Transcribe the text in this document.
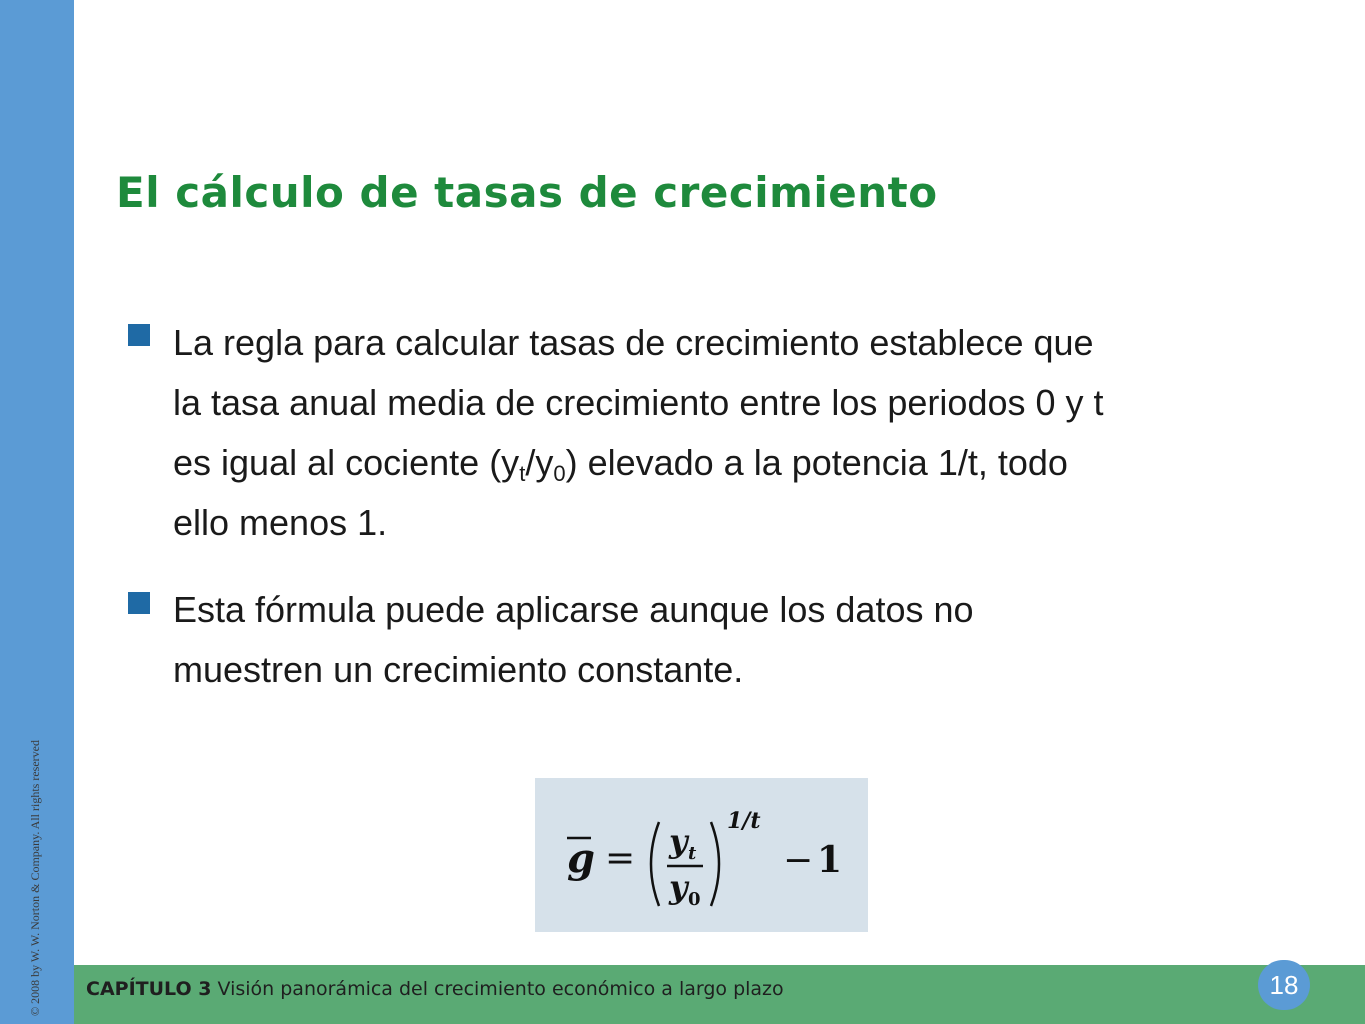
© 2008 by W. W. Norton & Company. All rights reserved
El cálculo de tasas de crecimiento
La regla para calcular tasas de crecimiento establece que
la tasa anual media de crecimiento entre los periodos 0 y t
es igual al cociente $(y_t/y_0)$ elevado a la potencia 1/t, todo
ello menos 1.
Esta fórmula puede aplicarse aunque los datos no
muestren un crecimiento constante.
g = y t
y 0
1/t
− 1
CAPÍTULO 3 Visión panorámica del crecimiento económico a largo plazo	18
